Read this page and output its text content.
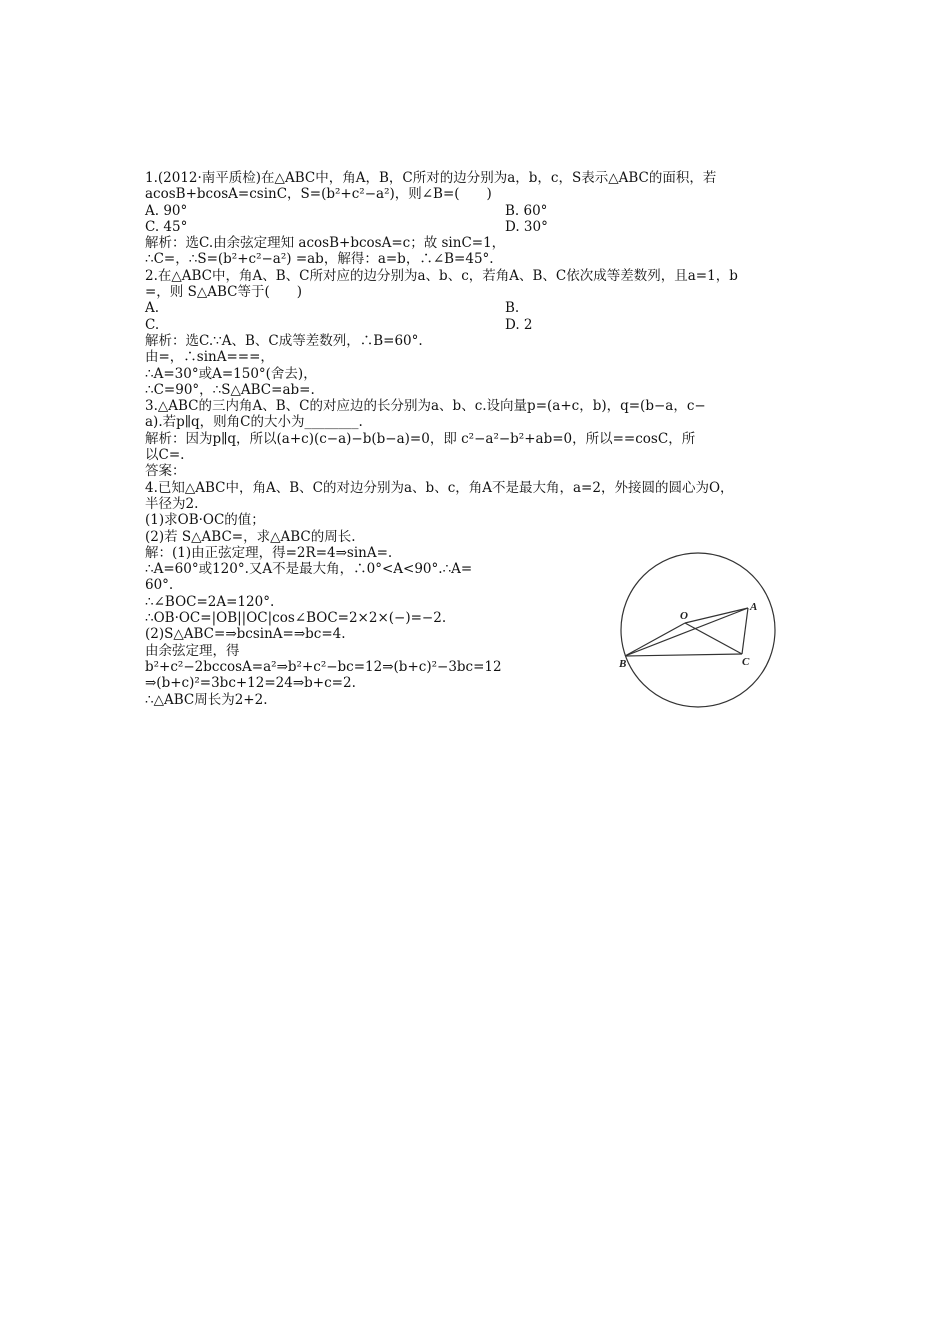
1.(2012·南平质检)在△ABC中，角A，B，C所对的边分别为a，b，c，S表示△ABC的面积，若
acosB+bcosA=csinC，S=(b²+c²−a²)，则∠B=(　　)
A. 90°	B. 60°
C. 45°	D. 30°
解析：选C.由余弦定理知 acosB+bcosA=c；故 sinC=1，
∴C=，∴S=(b²+c²−a²) =ab，解得：a=b，∴∠B=45°.
2.在△ABC中，角A、B、C所对应的边分别为a、b、c，若角A、B、C依次成等差数列，且a=1，b
=，则 S△ABC等于(　　)
A.	B.
C.	D. 2
解析：选C.∵A、B、C成等差数列，∴B=60°.
由=，∴sinA===，
∴A=30°或A=150°(舍去)，
∴C=90°，∴S△ABC=ab=.
3.△ABC的三内角A、B、C的对应边的长分别为a、b、c.设向量p=(a+c，b)，q=(b−a，c−
a).若p∥q，则角C的大小为________.
解析：因为p∥q，所以(a+c)(c−a)−b(b−a)=0，即 c²−a²−b²+ab=0，所以==cosC，所
以C=.
答案：
4.已知△ABC中，角A、B、C的对边分别为a、b、c，角A不是最大角，a=2，外接圆的圆心为O，
半径为2.
(1)求OB·OC的值；
(2)若 S△ABC=，求△ABC的周长.
解：(1)由正弦定理，得=2R=4⇒sinA=.
∴A=60°或120°.又A不是最大角，∴0°<A<90°.∴A=
60°.
∴∠BOC=2A=120°.
∴OB·OC=|OB||OC|cos∠BOC=2×2×(−)=−2.
(2)S△ABC=⇒bcsinA=⇒bc=4.
由余弦定理，得
b²+c²−2bccosA=a²⇒b²+c²−bc=12⇒(b+c)²−3bc=12
⇒(b+c)²=3bc+12=24⇒b+c=2.
∴△ABC周长为2+2.
O
A
B	C
